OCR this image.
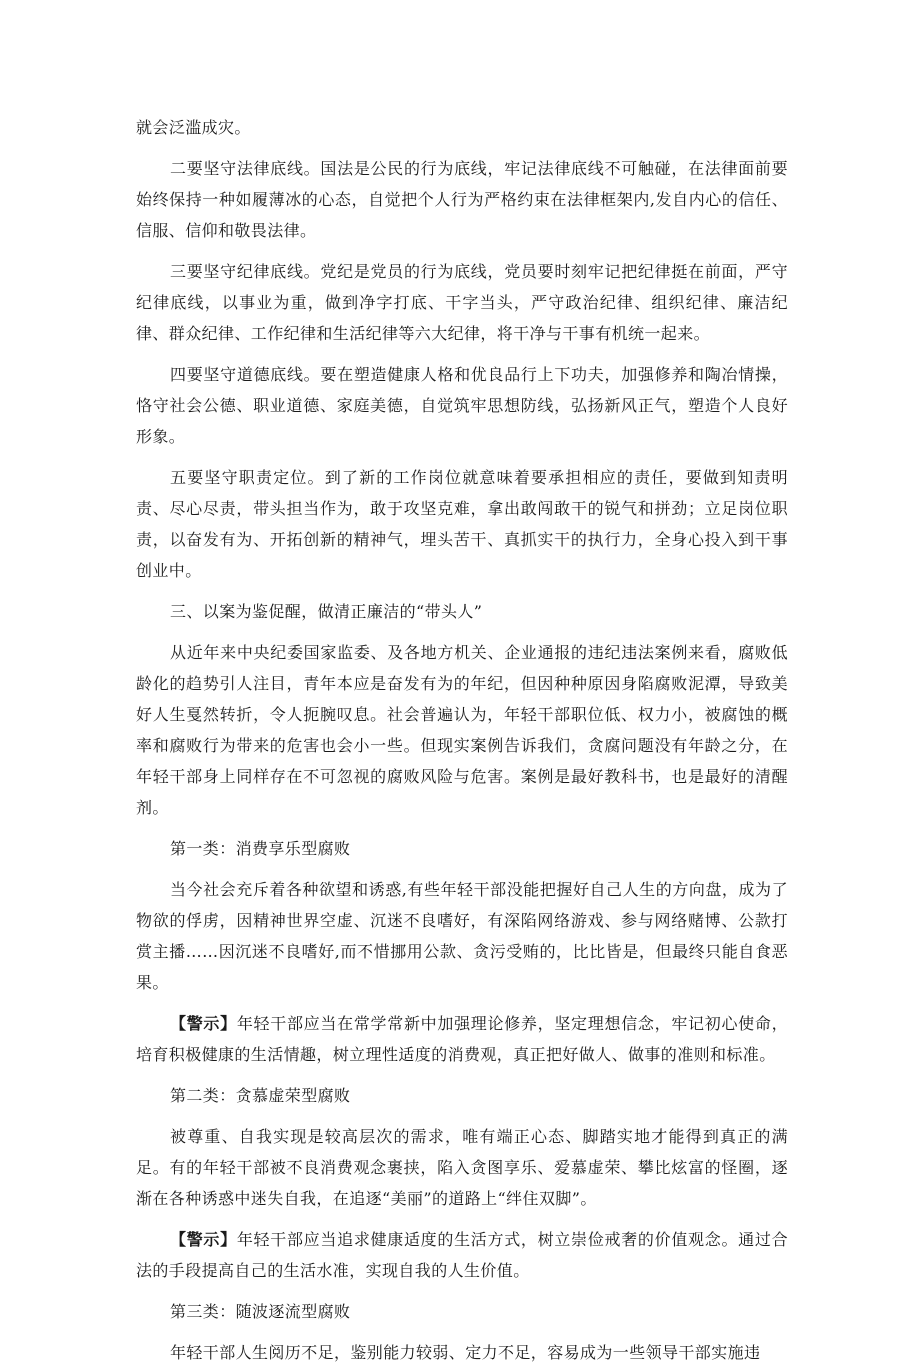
就会泛滥成灾。

二要坚守法律底线。国法是公民的行为底线，牢记法律底线不可触碰，在法律面前要始终保持一种如履薄冰的心态，自觉把个人行为严格约束在法律框架内,发自内心的信任、信服、信仰和敬畏法律。

三要坚守纪律底线。党纪是党员的行为底线，党员要时刻牢记把纪律挺在前面，严守纪律底线，以事业为重，做到净字打底、干字当头，严守政治纪律、组织纪律、廉洁纪律、群众纪律、工作纪律和生活纪律等六大纪律，将干净与干事有机统一起来。

四要坚守道德底线。要在塑造健康人格和优良品行上下功夫，加强修养和陶冶情操，恪守社会公德、职业道德、家庭美德，自觉筑牢思想防线，弘扬新风正气，塑造个人良好形象。

五要坚守职责定位。到了新的工作岗位就意味着要承担相应的责任，要做到知责明责、尽心尽责，带头担当作为，敢于攻坚克难，拿出敢闯敢干的锐气和拼劲；立足岗位职责，以奋发有为、开拓创新的精神气，埋头苦干、真抓实干的执行力，全身心投入到干事创业中。

三、以案为鉴促醒，做清正廉洁的“带头人”

从近年来中央纪委国家监委、及各地方机关、企业通报的违纪违法案例来看，腐败低龄化的趋势引人注目，青年本应是奋发有为的年纪，但因种种原因身陷腐败泥潭，导致美好人生戛然转折，令人扼腕叹息。社会普遍认为，年轻干部职位低、权力小，被腐蚀的概率和腐败行为带来的危害也会小一些。但现实案例告诉我们，贪腐问题没有年龄之分，在年轻干部身上同样存在不可忽视的腐败风险与危害。案例是最好教科书，也是最好的清醒剂。

第一类：消费享乐型腐败

当今社会充斥着各种欲望和诱惑,有些年轻干部没能把握好自己人生的方向盘，成为了物欲的俘虏，因精神世界空虚、沉迷不良嗜好，有深陷网络游戏、参与网络赌博、公款打赏主播……因沉迷不良嗜好,而不惜挪用公款、贪污受贿的，比比皆是，但最终只能自食恶果。

【警示】年轻干部应当在常学常新中加强理论修养，坚定理想信念，牢记初心使命，培育积极健康的生活情趣，树立理性适度的消费观，真正把好做人、做事的准则和标准。

第二类：贪慕虚荣型腐败

被尊重、自我实现是较高层次的需求，唯有端正心态、脚踏实地才能得到真正的满足。有的年轻干部被不良消费观念裹挟，陷入贪图享乐、爱慕虚荣、攀比炫富的怪圈，逐渐在各种诱惑中迷失自我，在追逐“美丽”的道路上“绊住双脚”。

【警示】年轻干部应当追求健康适度的生活方式，树立崇俭戒奢的价值观念。通过合法的手段提高自己的生活水准，实现自我的人生价值。

第三类：随波逐流型腐败

年轻干部人生阅历不足，鉴别能力较弱、定力不足，容易成为一些领导干部实施违
